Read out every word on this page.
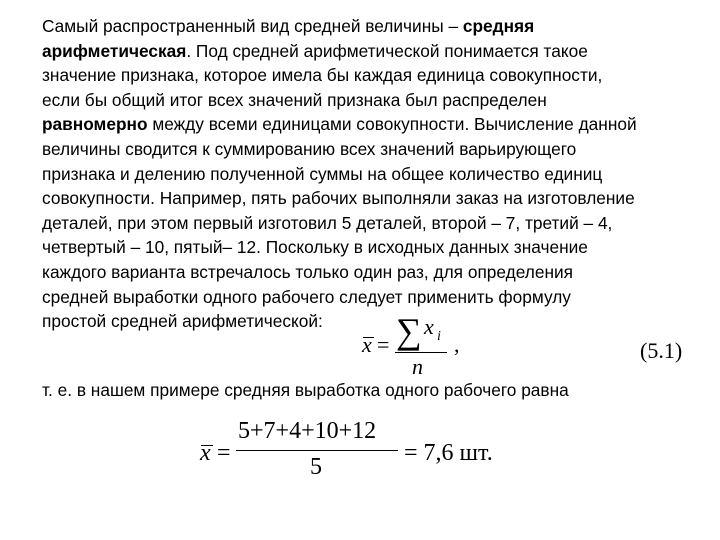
Самый распространенный вид средней величины – средняя
арифметическая. Под средней арифметической понимается такое
значение признака, которое имела бы каждая единица совокупности,
если бы общий итог всех значений признака был распределен
равномерно между всеми единицами совокупности. Вычисление данной
величины сводится к суммированию всех значений варьирующего
признака и делению полученной суммы на общее количество единиц
совокупности. Например, пять рабочих выполняли заказ на изготовление
деталей, при этом первый изготовил 5 деталей, второй – 7, третий – 4,
четвертый – 10, пятый– 12. Поскольку в исходных данных значение
каждого варианта встречалось только один раз, для определения
средней выработки одного рабочего следует применить формулу
простой средней арифметической:
x = ∑ x i
n
,	(5.1)
т. е. в нашем примере средняя выработка одного рабочего равна
x =
5+7+4+10+12
5
= 7,6 шт.
